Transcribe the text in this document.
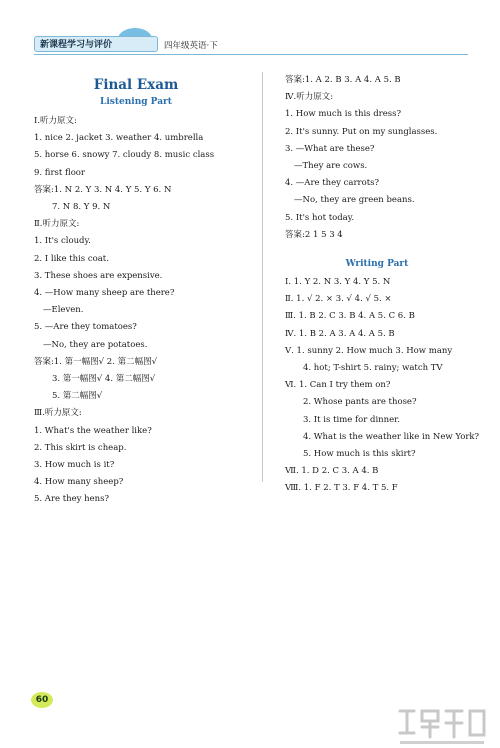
新课程学习与评价	四年级英语·下
Final Exam
Listening Part
Ⅰ.听力原文:
1. nice 2. jacket 3. weather 4. umbrella
5. horse 6. snowy 7. cloudy 8. music class
9. first floor
答案:1. N 2. Y 3. N 4. Y 5. Y 6. N
7. N 8. Y 9. N
Ⅱ.听力原文:
1. It's cloudy.
2. I like this coat.
3. These shoes are expensive.
4. —How many sheep are there?
—Eleven.
5. —Are they tomatoes?
—No, they are potatoes.
答案:1. 第一幅图√ 2. 第二幅图√
3. 第一幅图√ 4. 第二幅图√
5. 第二幅图√
Ⅲ.听力原文:
1. What's the weather like?
2. This skirt is cheap.
3. How much is it?
4. How many sheep?
5. Are they hens?
答案:1. A 2. B 3. A 4. A 5. B
Ⅳ.听力原文:
1. How much is this dress?
2. It's sunny. Put on my sunglasses.
3. —What are these?
—They are cows.
4. —Are they carrots?
—No, they are green beans.
5. It's hot today.
答案:2 1 5 3 4
Writing Part
Ⅰ. 1. Y 2. N 3. Y 4. Y 5. N
Ⅱ. 1. √ 2. × 3. √ 4. √ 5. ×
Ⅲ. 1. B 2. C 3. B 4. A 5. C 6. B
Ⅳ. 1. B 2. A 3. A 4. A 5. B
Ⅴ. 1. sunny 2. How much 3. How many
4. hot; T-shirt 5. rainy; watch TV
Ⅵ. 1. Can I try them on?
2. Whose pants are those?
3. It is time for dinner.
4. What is the weather like in New York?
5. How much is this skirt?
Ⅶ. 1. D 2. C 3. A 4. B
Ⅷ. 1. F 2. T 3. F 4. T 5. F
60
